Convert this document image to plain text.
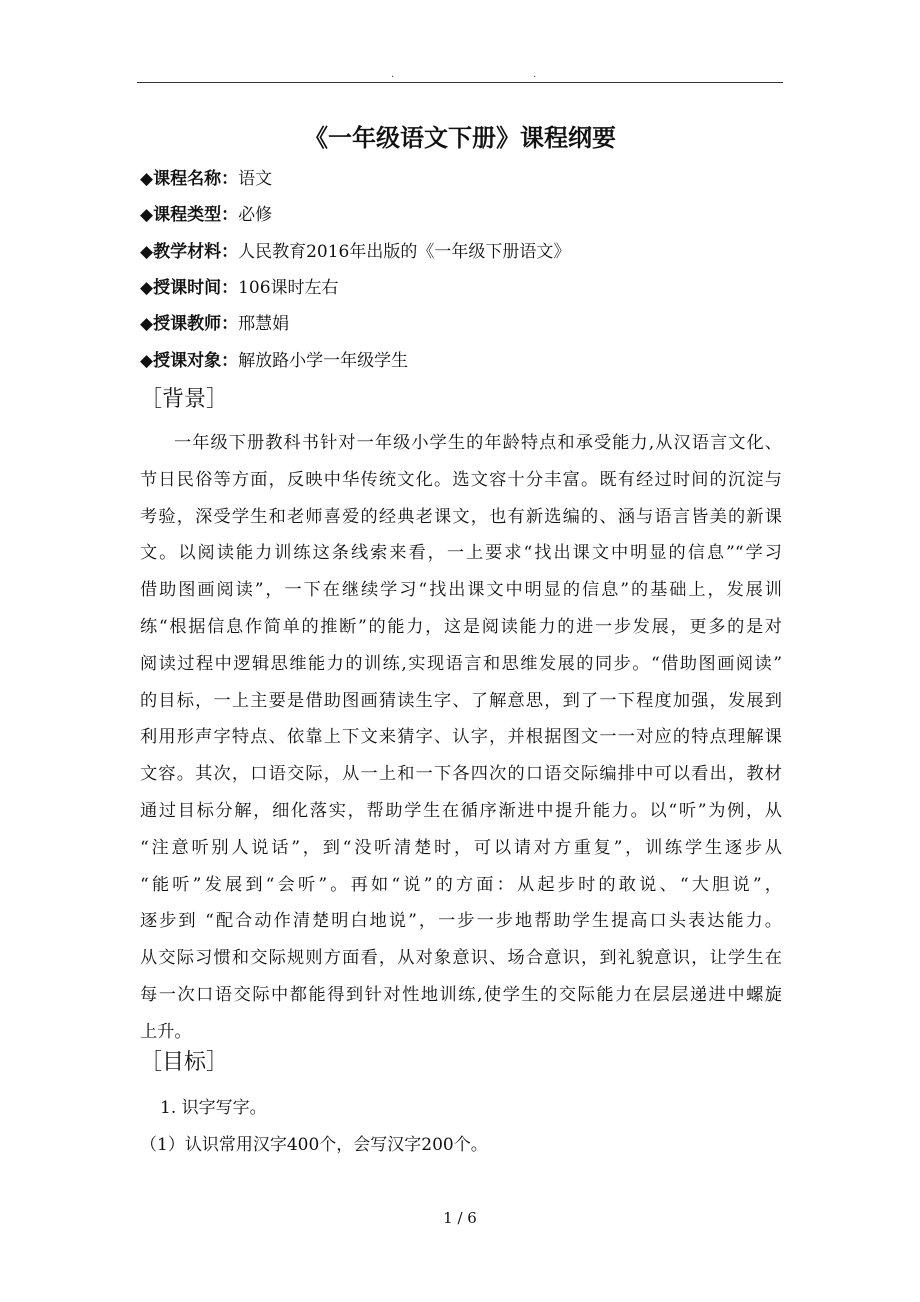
.	.
《一年级语文下册》课程纲要
◆课程名称：语文
◆课程类型：必修
◆教学材料：人民教育2016年出版的《一年级下册语文》
◆授课时间：106课时左右
◆授课教师：邢慧娟
◆授课对象：解放路小学一年级学生
［背景］
一年级下册教科书针对一年级小学生的年龄特点和承受能力,从汉语言文化、
节日民俗等方面，反映中华传统文化。选文容十分丰富。既有经过时间的沉淀与
考验，深受学生和老师喜爱的经典老课文，也有新选编的、涵与语言皆美的新课
文。以阅读能力训练这条线索来看，一上要求“找出课文中明显的信息”“学习
借助图画阅读”，一下在继续学习“找出课文中明显的信息”的基础上，发展训
练“根据信息作简单的推断”的能力，这是阅读能力的进一步发展，更多的是对
阅读过程中逻辑思维能力的训练,实现语言和思维发展的同步。“借助图画阅读”
的目标，一上主要是借助图画猜读生字、了解意思，到了一下程度加强，发展到
利用形声字特点、依靠上下文来猜字、认字，并根据图文一一对应的特点理解课
文容。其次，口语交际，从一上和一下各四次的口语交际编排中可以看出，教材
通过目标分解，细化落实，帮助学生在循序渐进中提升能力。以“听”为例，从
“注意听别人说话”，到“没听清楚时，可以请对方重复”，训练学生逐步从
“能听”发展到“会听”。再如“说”的方面：从起步时的敢说、“大胆说”，
逐步到 “配合动作清楚明白地说”，一步一步地帮助学生提高口头表达能力。
从交际习惯和交际规则方面看，从对象意识、场合意识，到礼貌意识，让学生在
每一次口语交际中都能得到针对性地训练,使学生的交际能力在层层递进中螺旋
上升。
［目标］
1. 识字写字。
（1）认识常用汉字400个，会写汉字200个。
1 / 6
